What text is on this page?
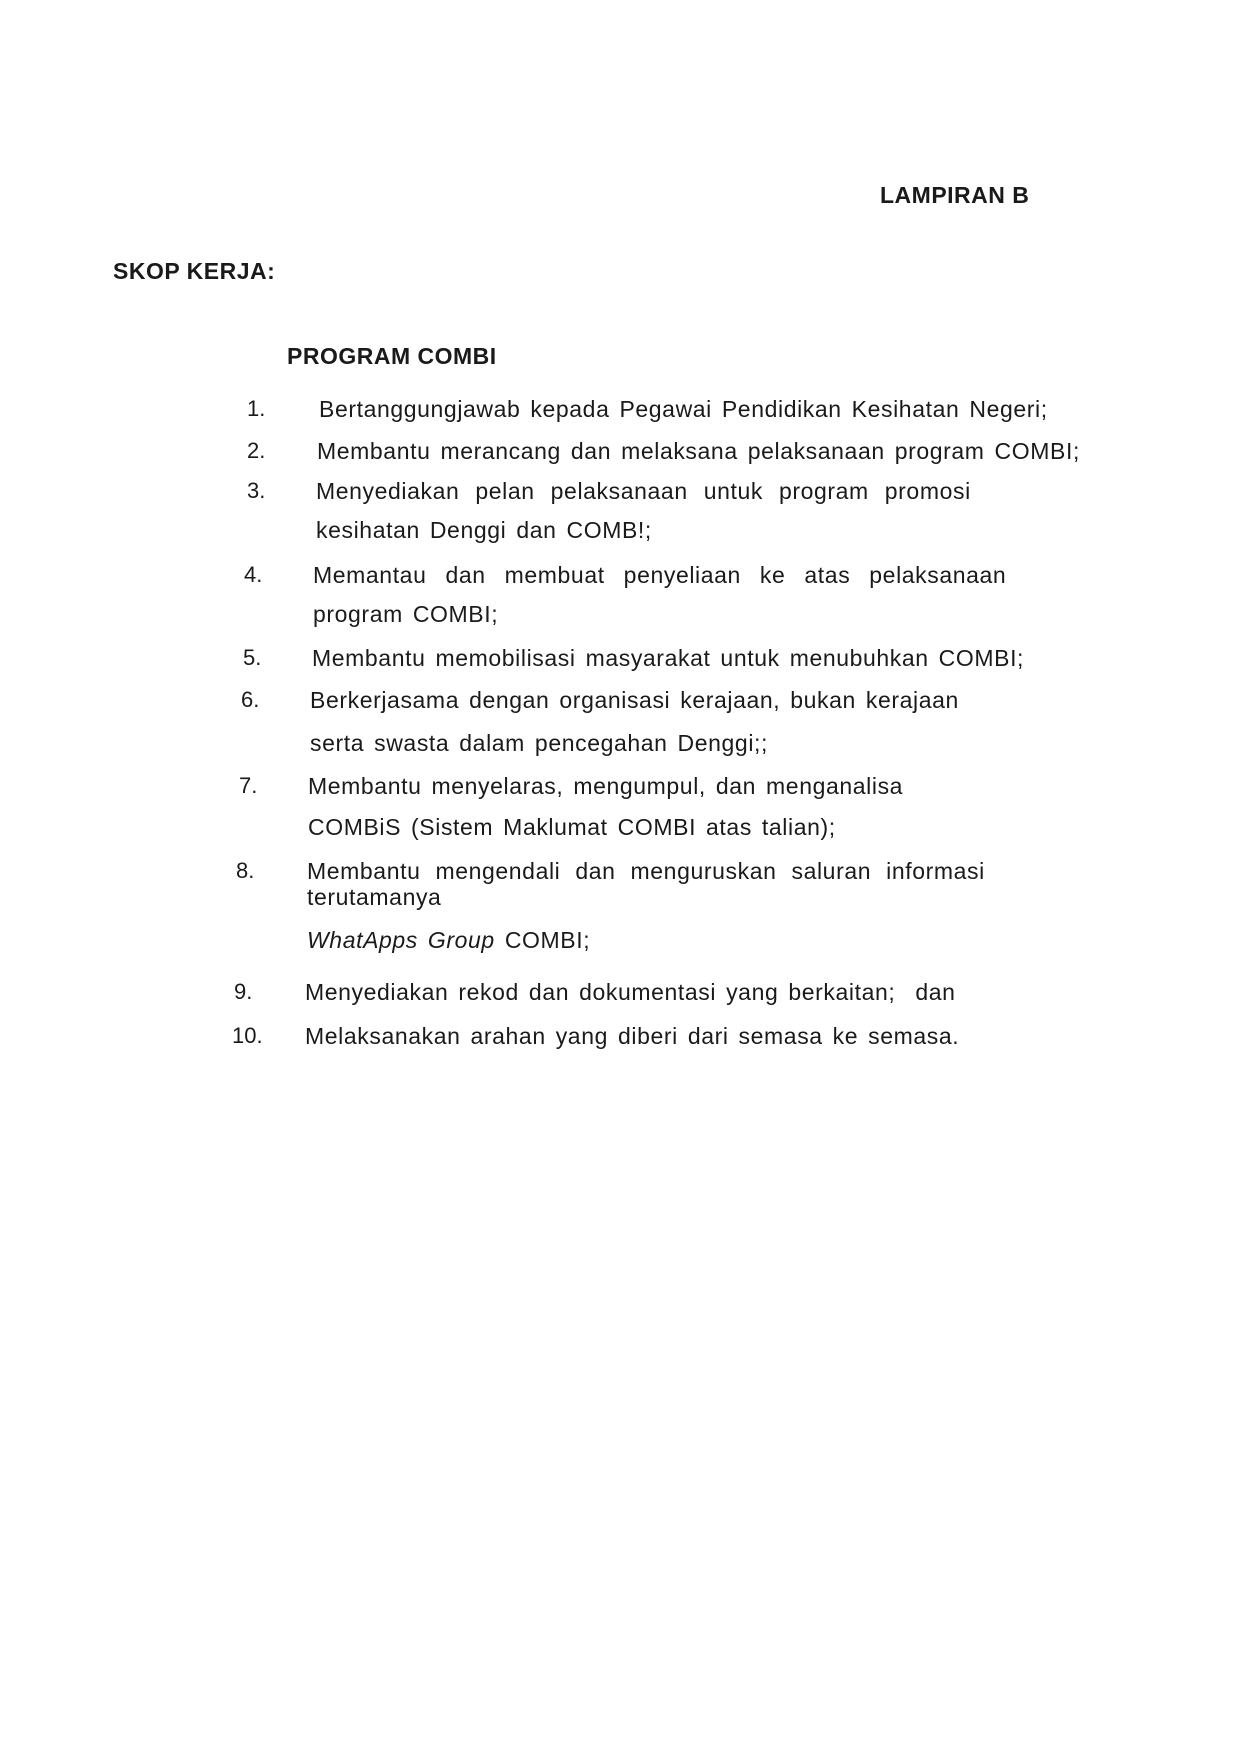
LAMPIRAN B
SKOP KERJA:
PROGRAM COMBI
1. Bertanggungjawab kepada Pegawai Pendidikan Kesihatan Negeri;
2. Membantu merancang dan melaksana pelaksanaan program COMBI;
3. Menyediakan pelan pelaksanaan untuk program promosi
kesihatan Denggi dan COMB!;
4. Memantau dan membuat penyeliaan ke atas pelaksanaan
program COMBI;
5. Membantu memobilisasi masyarakat untuk menubuhkan COMBI;
6. Berkerjasama dengan organisasi kerajaan, bukan kerajaan
serta swasta dalam pencegahan Denggi;;
7. Membantu menyelaras, mengumpul, dan menganalisa
COMBiS (Sistem Maklumat COMBI atas talian);
8. Membantu mengendali dan menguruskan saluran informasi
terutamanya
WhatApps Group COMBI;
9. Menyediakan rekod dan dokumentasi yang berkaitan;  dan
10. Melaksanakan arahan yang diberi dari semasa ke semasa.
